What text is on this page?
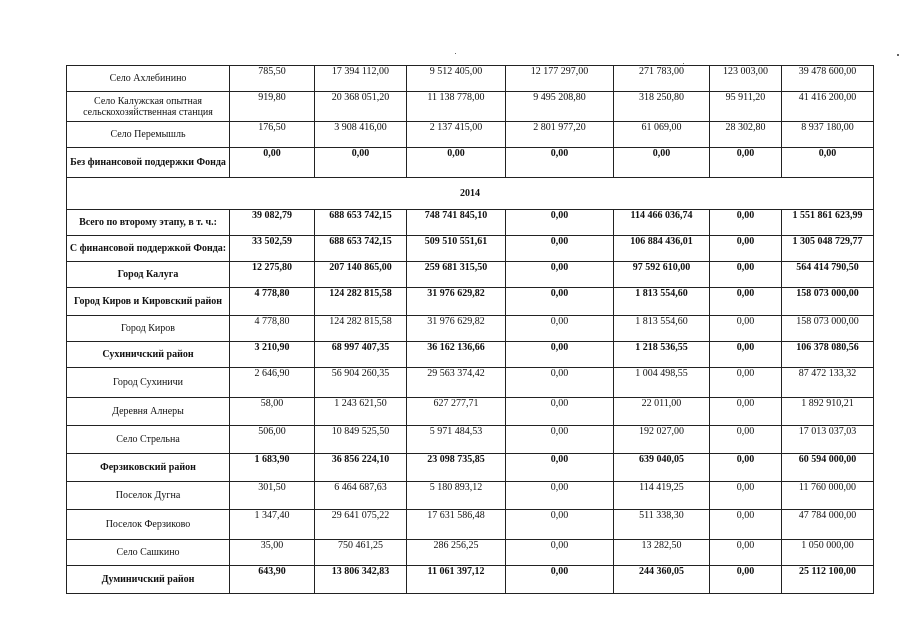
Село Ахлебинино	785,50	17 394 112,00	9 512 405,00	12 177 297,00	271 783,00	123 003,00	39 478 600,00
Село Калужская опытная сельскохозяйственная станция	919,80	20 368 051,20	11 138 778,00	9 495 208,80	318 250,80	95 911,20	41 416 200,00
Село Перемышль	176,50	3 908 416,00	2 137 415,00	2 801 977,20	61 069,00	28 302,80	8 937 180,00
Без финансовой поддержки Фонда	0,00	0,00	0,00	0,00	0,00	0,00	0,00
2014							
Всего по второму этапу, в т. ч.:	39 082,79	688 653 742,15	748 741 845,10	0,00	114 466 036,74	0,00	1 551 861 623,99
С финансовой поддержкой Фонда:	33 502,59	688 653 742,15	509 510 551,61	0,00	106 884 436,01	0,00	1 305 048 729,77
Город Калуга	12 275,80	207 140 865,00	259 681 315,50	0,00	97 592 610,00	0,00	564 414 790,50
Город Киров и Кировский район	4 778,80	124 282 815,58	31 976 629,82	0,00	1 813 554,60	0,00	158 073 000,00
Город Киров	4 778,80	124 282 815,58	31 976 629,82	0,00	1 813 554,60	0,00	158 073 000,00
Сухиничский район	3 210,90	68 997 407,35	36 162 136,66	0,00	1 218 536,55	0,00	106 378 080,56
Город Сухиничи	2 646,90	56 904 260,35	29 563 374,42	0,00	1 004 498,55	0,00	87 472 133,32
Деревня Алнеры	58,00	1 243 621,50	627 277,71	0,00	22 011,00	0,00	1 892 910,21
Село Стрельна	506,00	10 849 525,50	5 971 484,53	0,00	192 027,00	0,00	17 013 037,03
Ферзиковский район	1 683,90	36 856 224,10	23 098 735,85	0,00	639 040,05	0,00	60 594 000,00
Поселок Дугна	301,50	6 464 687,63	5 180 893,12	0,00	114 419,25	0,00	11 760 000,00
Поселок Ферзиково	1 347,40	29 641 075,22	17 631 586,48	0,00	511 338,30	0,00	47 784 000,00
Село Сашкино	35,00	750 461,25	286 256,25	0,00	13 282,50	0,00	1 050 000,00
Думиничский район	643,90	13 806 342,83	11 061 397,12	0,00	244 360,05	0,00	25 112 100,00
